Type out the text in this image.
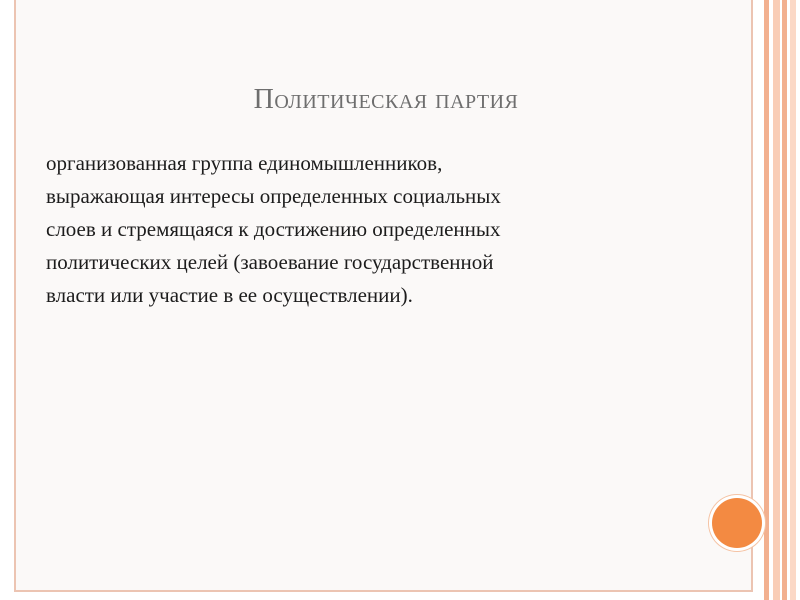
Политическая партия

организованная группа единомышленников,
выражающая интересы определенных социальных
слоев и стремящаяся к достижению определенных
политических целей (завоевание государственной
власти или участие в ее осуществлении).
